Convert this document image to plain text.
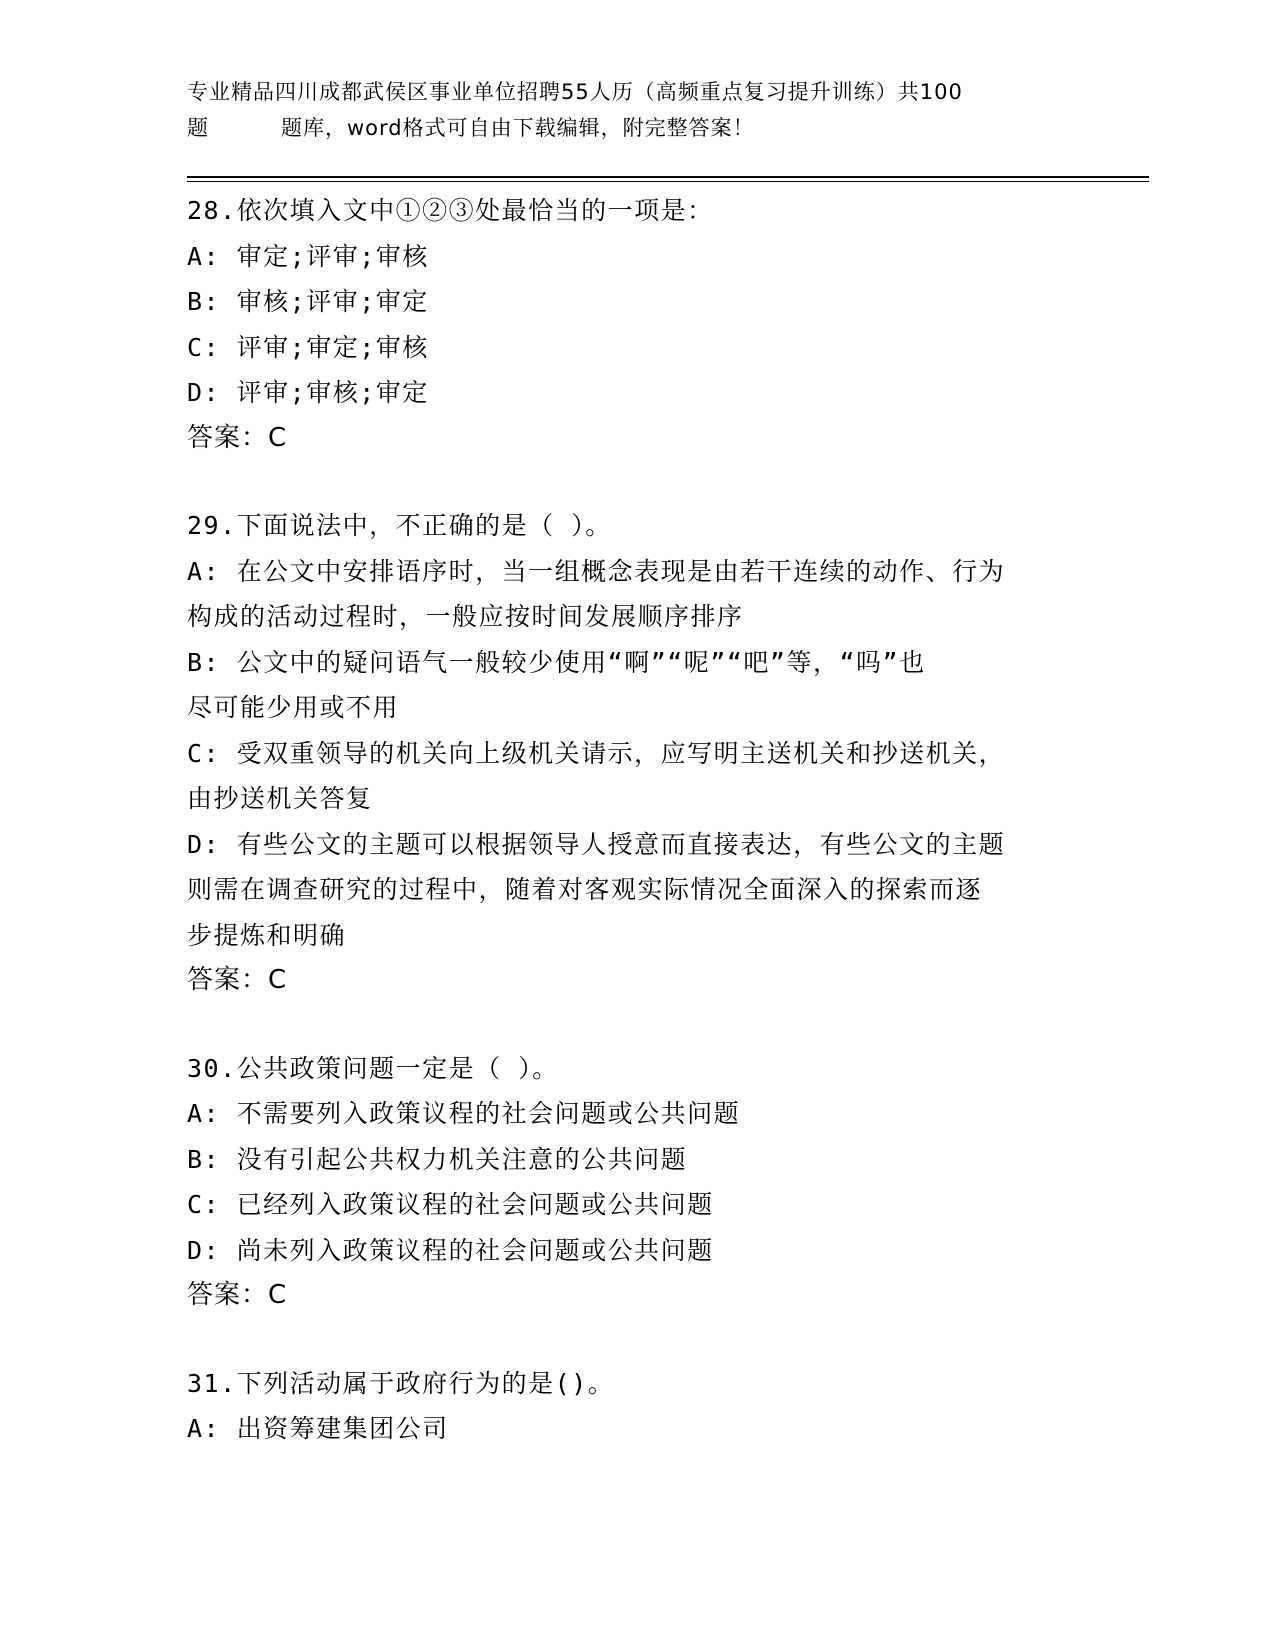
专业精品四川成都武侯区事业单位招聘55人历（高频重点复习提升训练）共100
题	题库，word格式可自由下载编辑，附完整答案！
28.依次填入文中①②③处最恰当的一项是：
A: 审定;评审;审核
B: 审核;评审;审定
C: 评审;审定;审核
D: 评审;审核;审定
答案：C
29.下面说法中，不正确的是（ ）。
A: 在公文中安排语序时，当一组概念表现是由若干连续的动作、行为
构成的活动过程时，一般应按时间发展顺序排序
B: 公文中的疑问语气一般较少使用“啊”“呢”“吧”等，“吗”也
尽可能少用或不用
C: 受双重领导的机关向上级机关请示，应写明主送机关和抄送机关，
由抄送机关答复
D: 有些公文的主题可以根据领导人授意而直接表达，有些公文的主题
则需在调查研究的过程中，随着对客观实际情况全面深入的探索而逐
步提炼和明确
答案：C
30.公共政策问题一定是（ ）。
A: 不需要列入政策议程的社会问题或公共问题
B: 没有引起公共权力机关注意的公共问题
C: 已经列入政策议程的社会问题或公共问题
D: 尚未列入政策议程的社会问题或公共问题
答案：C
31.下列活动属于政府行为的是()。
A: 出资筹建集团公司
